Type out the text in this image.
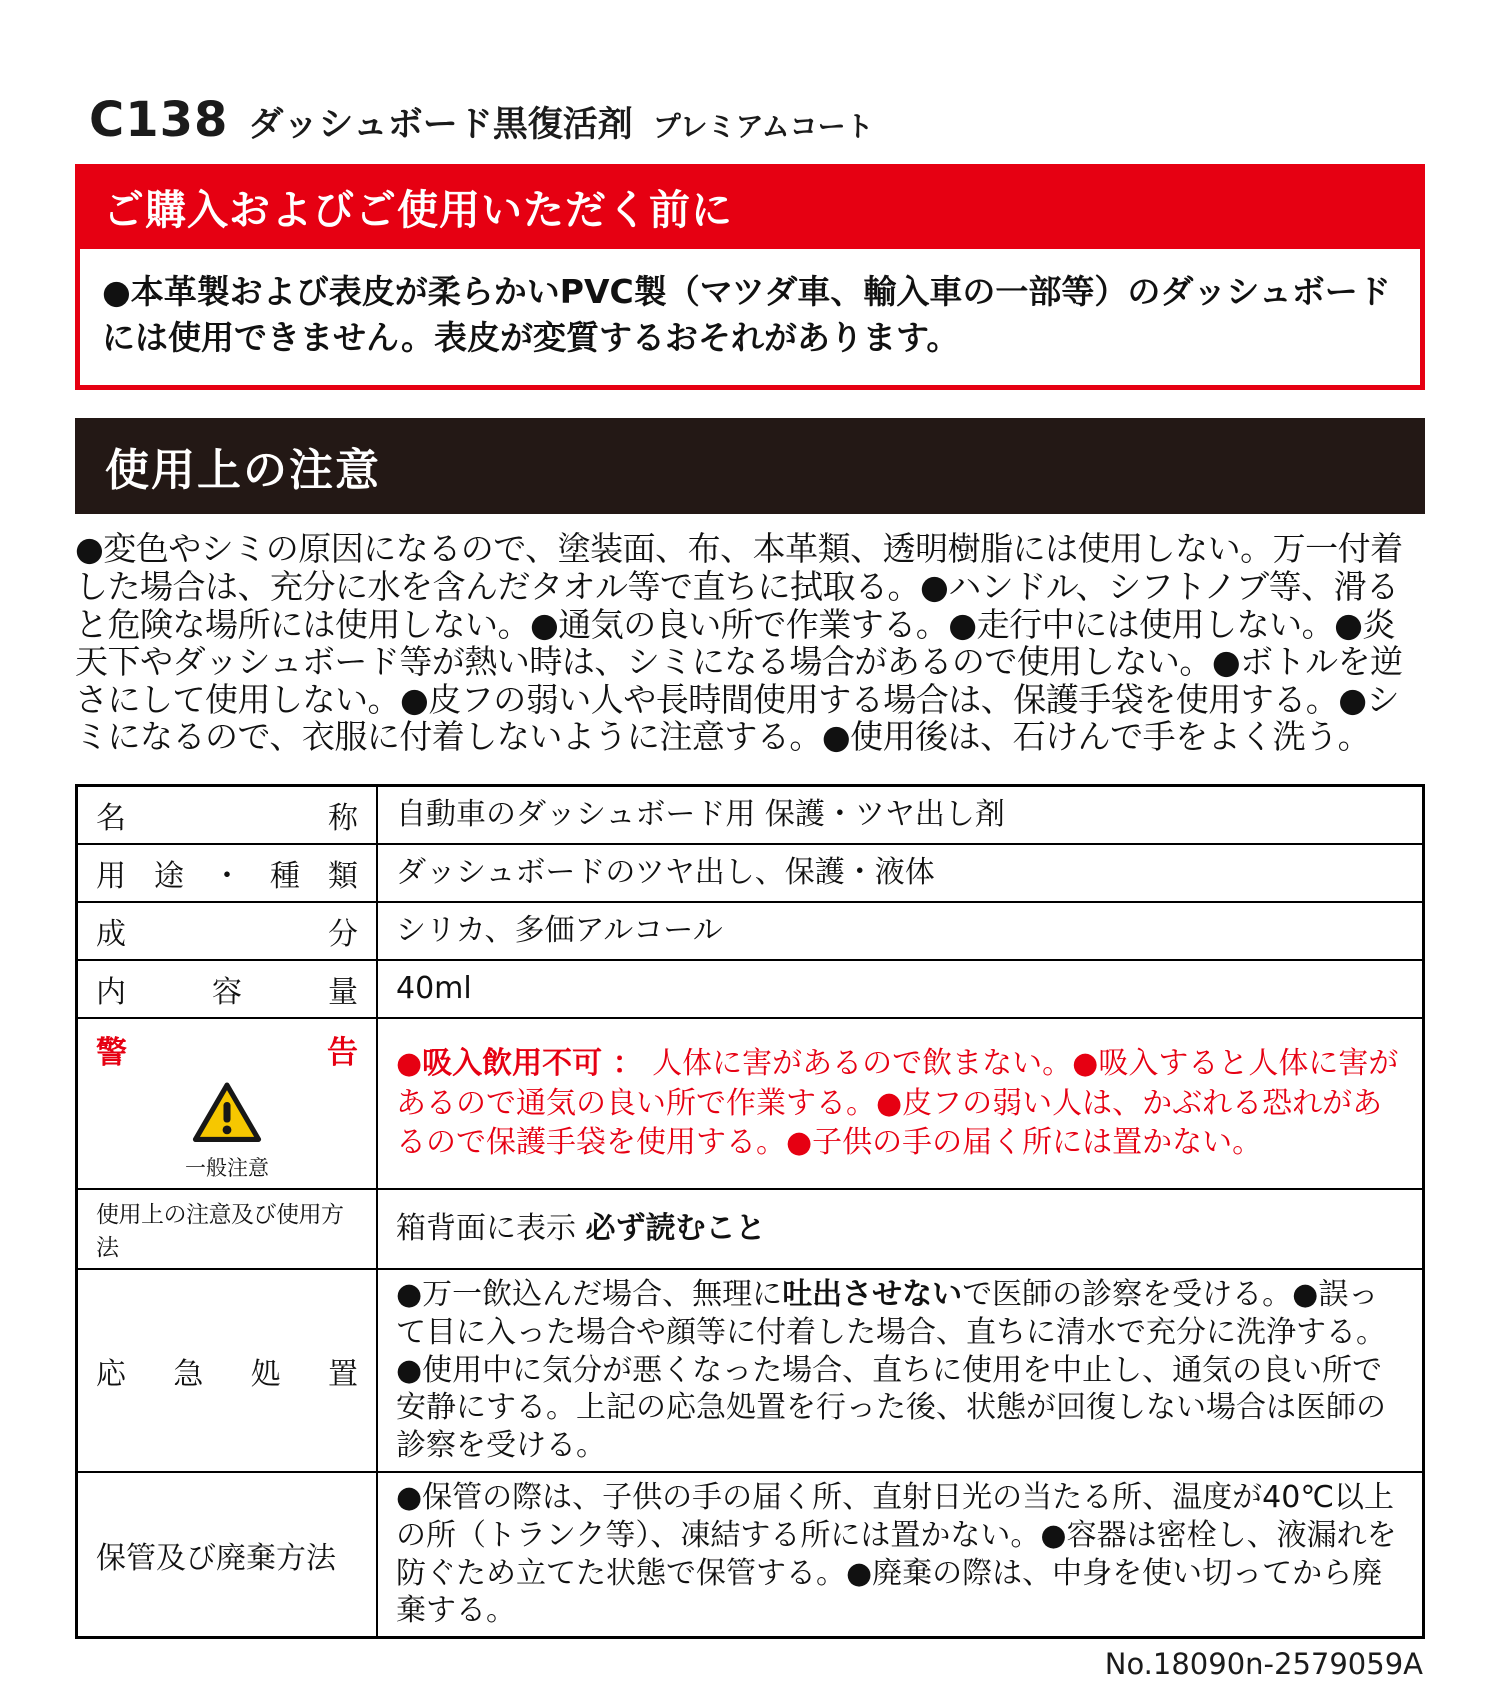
C138 ダッシュボード黒復活剤 プレミアムコート
ご購入およびご使用いただく前に

●本革製および表皮が柔らかいPVC製（マツダ車、輸入車の一部等）のダッシュボードには使用できません。表皮が変質するおそれがあります。

使用上の注意

●変色やシミの原因になるので、塗装面、布、本革類、透明樹脂には使用しない。万一付着した場合は、充分に水を含んだタオル等で直ちに拭取る。●ハンドル、シフトノブ等、滑ると危険な場所には使用しない。●通気の良い所で作業する。●走行中には使用しない。●炎天下やダッシュボード等が熱い時は、シミになる場合があるので使用しない。●ボトルを逆さにして使用しない。●皮フの弱い人や長時間使用する場合は、保護手袋を使用する。●シミになるので、衣服に付着しないように注意する。●使用後は、石けんで手をよく洗う。

名	称 自動車のダッシュボード用 保護・ツヤ出し剤

用 途 ・ 種 類 ダッシュボードのツヤ出し、保護・液体

成	分 シリカ、多価アルコール

内	容	量 40ml

警	告
一般注意

●吸入飲用不可 ： 人体に害があるので飲まない。●吸入すると人体に害があるので通気の良い所で作業する。●皮フの弱い人は、かぶれる恐れがあるので保護手袋を使用する。●子供の手の届く所には置かない。

使用上の注意及び使用方法

箱背面に表示 必ず読むこと

応 急 処 置

●万一飲込んだ場合、無理に吐出させないで医師の診察を受ける。●誤って目に入った場合や顔等に付着した場合、直ちに清水で充分に洗浄する。●使用中に気分が悪くなった場合、直ちに使用を中止し、通気の良い所で安静にする。上記の応急処置を行った後、状態が回復しない場合は医師の診察を受ける。

保管及び廃棄方法

●保管の際は、子供の手の届く所、直射日光の当たる所、温度が40℃以上の所（トランク等）、凍結する所には置かない。●容器は密栓し、液漏れを防ぐため立てた状態で保管する。●廃棄の際は、中身を使い切ってから廃棄する。

No.18090n-2579059A
